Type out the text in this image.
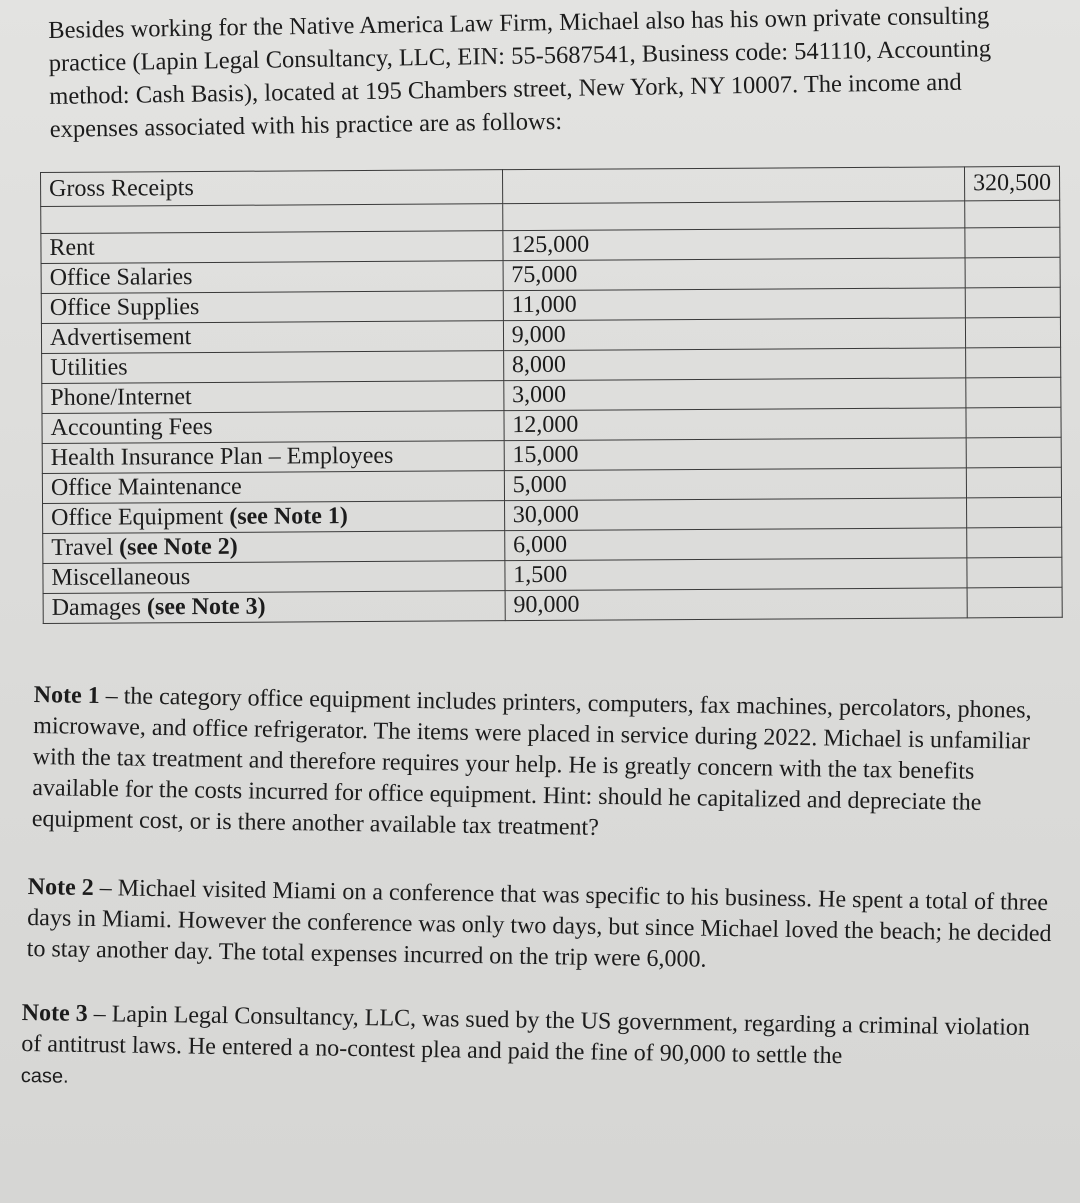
Besides working for the Native America Law Firm, Michael also has his own private consulting practice (Lapin Legal Consultancy, LLC, EIN: 55-5687541, Business code: 541110, Accounting method: Cash Basis), located at 195 Chambers street, New York, NY 10007. The income and expenses associated with his practice are as follows:

Gross Receipts		320,500

Rent	125,000	
Office Salaries	75,000	
Office Supplies	11,000	
Advertisement	9,000	
Utilities	8,000	
Phone/Internet	3,000	
Accounting Fees	12,000	
Health Insurance Plan – Employees	15,000	
Office Maintenance	5,000	
Office Equipment (see Note 1)	30,000	
Travel (see Note 2)	6,000	
Miscellaneous	1,500	
Damages (see Note 3)	90,000	

Note 1 – the category office equipment includes printers, computers, fax machines, percolators, phones, microwave, and office refrigerator. The items were placed in service during 2022. Michael is unfamiliar with the tax treatment and therefore requires your help. He is greatly concern with the tax benefits available for the costs incurred for office equipment. Hint: should he capitalized and depreciate the equipment cost, or is there another available tax treatment?

Note 2 – Michael visited Miami on a conference that was specific to his business. He spent a total of three days in Miami. However the conference was only two days, but since Michael loved the beach; he decided to stay another day. The total expenses incurred on the trip were 6,000.

Note 3 – Lapin Legal Consultancy, LLC, was sued by the US government, regarding a criminal violation of antitrust laws. He entered a no-contest plea and paid the fine of 90,000 to settle the
case.
